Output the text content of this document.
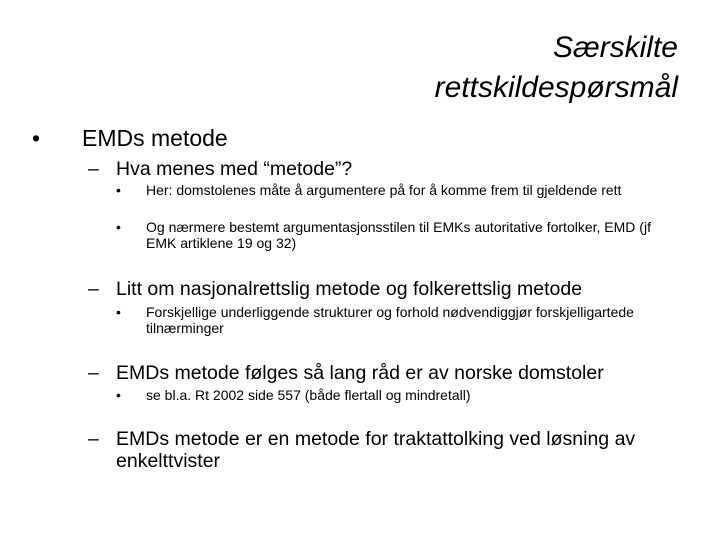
Særskilte
rettskildespørsmål
• EMDs metode
– Hva menes med “metode”?
• Her: domstolenes måte å argumentere på for å komme frem til gjeldende rett
• Og nærmere bestemt argumentasjonsstilen til EMKs autoritative fortolker, EMD (jf EMK artiklene 19 og 32)
– Litt om nasjonalrettslig metode og folkerettslig metode
• Forskjellige underliggende strukturer og forhold nødvendiggjør forskjelligartede tilnærminger
– EMDs metode følges så lang råd er av norske domstoler
• se bl.a. Rt 2002 side 557 (både flertall og mindretall)
– EMDs metode er en metode for traktattolking ved løsning av enkelttvister
